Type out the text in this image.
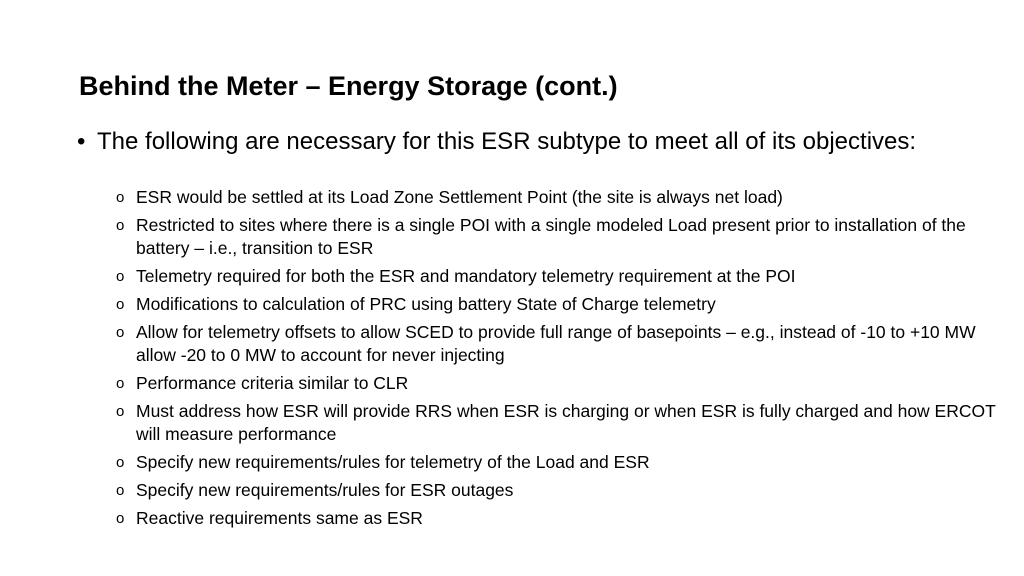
Behind the Meter – Energy Storage (cont.)
• The following are necessary for this ESR subtype to meet all of its objectives:
o ESR would be settled at its Load Zone Settlement Point (the site is always net load)
o Restricted to sites where there is a single POI with a single modeled Load present prior to installation of the battery – i.e., transition to ESR
o Telemetry required for both the ESR and mandatory telemetry requirement at the POI
o Modifications to calculation of PRC using battery State of Charge telemetry
o Allow for telemetry offsets to allow SCED to provide full range of basepoints – e.g., instead of -10 to +10 MW allow -20 to 0 MW to account for never injecting
o Performance criteria similar to CLR
o Must address how ESR will provide RRS when ESR is charging or when ESR is fully charged and how ERCOT will measure performance
o Specify new requirements/rules for telemetry of the Load and ESR
o Specify new requirements/rules for ESR outages
o Reactive requirements same as ESR
